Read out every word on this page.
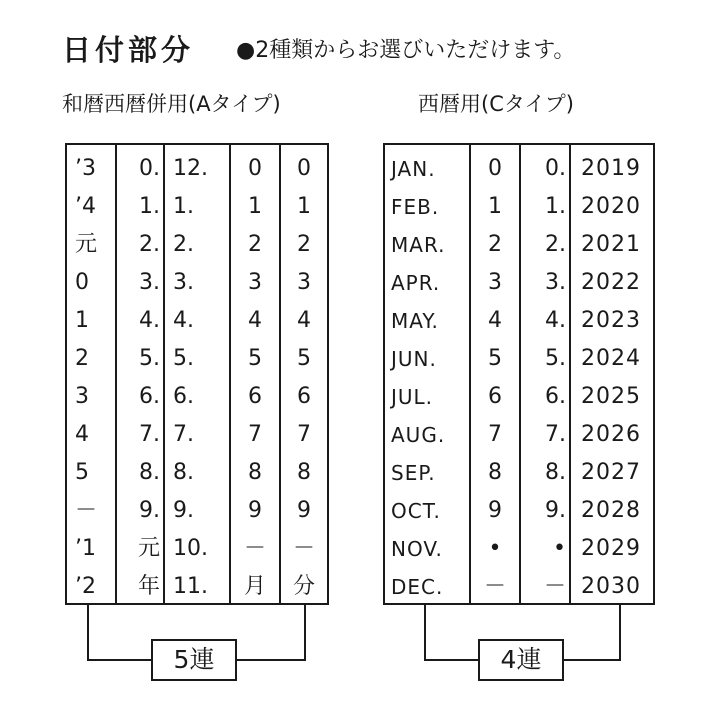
日付部分 ●2種類からお選びいただけます。
和暦西暦併用(Aタイプ)	西暦用(Cタイプ)
’3
’4
元
0
1
2
3
4
5
－
’1
’2
0.
1.
2.
3.
4.
5.
6.
7.
8.
9.
元
年
12.
1.
2.
3.
4.
5.
6.
7.
8.
9.
10.
11.
0
1
2
3
4
5
6
7
8
9
－
月
0
1
2
3
4
5
6
7
8
9
－
分
JAN.
FEB.
MAR.
APR.
MAY.
JUN.
JUL.
AUG.
SEP.
OCT.
NOV.
DEC.
0
1
2
3
4
5
6
7
8
9
•
－
0.
1.
2.
3.
4.
5.
6.
7.
8.
9.
•
－
2019
2020
2021
2022
2023
2024
2025
2026
2027
2028
2029
2030
5連	4連
